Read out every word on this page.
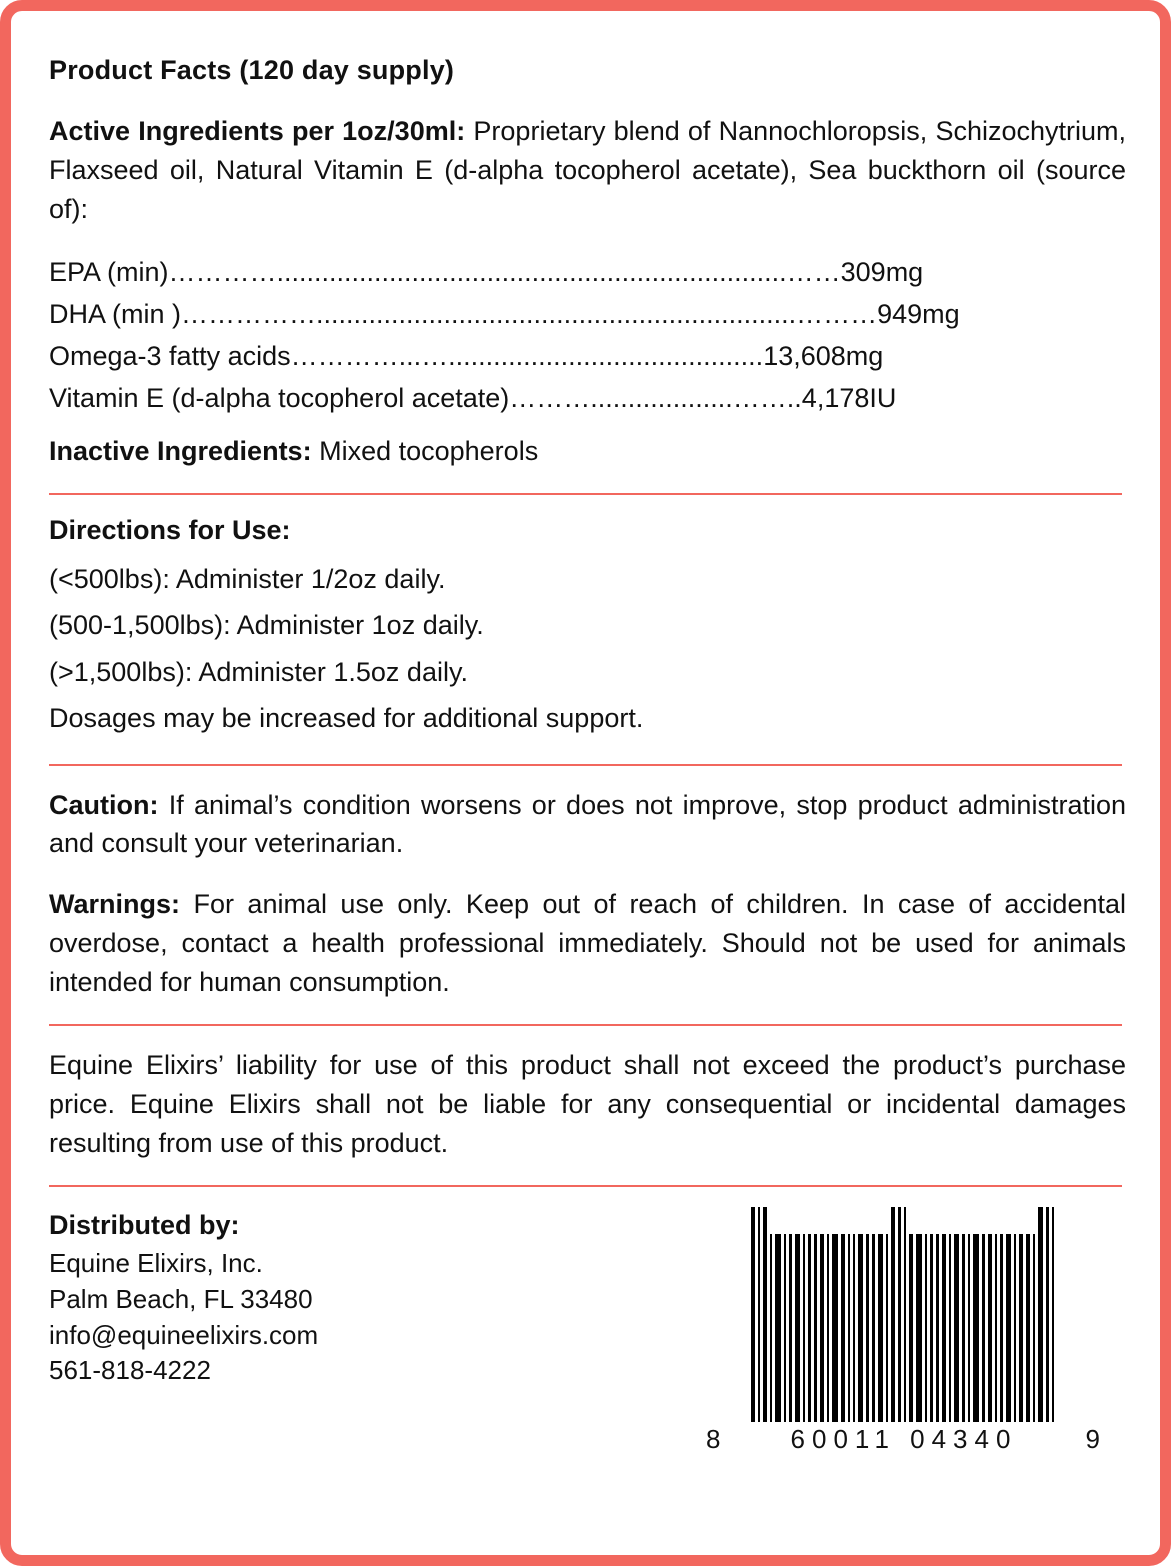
Product Facts (120 day supply)

Active Ingredients per 1oz/30ml: Proprietary blend of Nannochloropsis, Schizochytrium, Flaxseed oil, Natural Vitamin E (d-alpha tocopherol acetate), Sea buckthorn oil (source of):

EPA (min)…………....................................................................……309mg
DHA (min )……………................................................................………949mg
Omega-3 fatty acids…………...…..........................................13,608mg
Vitamin E (d-alpha tocopherol acetate)………...................……..4,178IU

Inactive Ingredients: Mixed tocopherols

Directions for Use:
(<500lbs): Administer 1/2oz daily.
(500-1,500lbs): Administer 1oz daily.
(>1,500lbs): Administer 1.5oz daily.
Dosages may be increased for additional support.

Caution: If animal’s condition worsens or does not improve, stop product administration and consult your veterinarian.

Warnings: For animal use only. Keep out of reach of children. In case of accidental overdose, contact a health professional immediately. Should not be used for animals intended for human consumption.

Equine Elixirs’ liability for use of this product shall not exceed the product’s purchase price. Equine Elixirs shall not be liable for any consequential or incidental damages resulting from use of this product.

Distributed by:
Equine Elixirs, Inc.
Palm Beach, FL 33480
info@equineelixirs.com
561-818-4222
8	60011 04340	9
